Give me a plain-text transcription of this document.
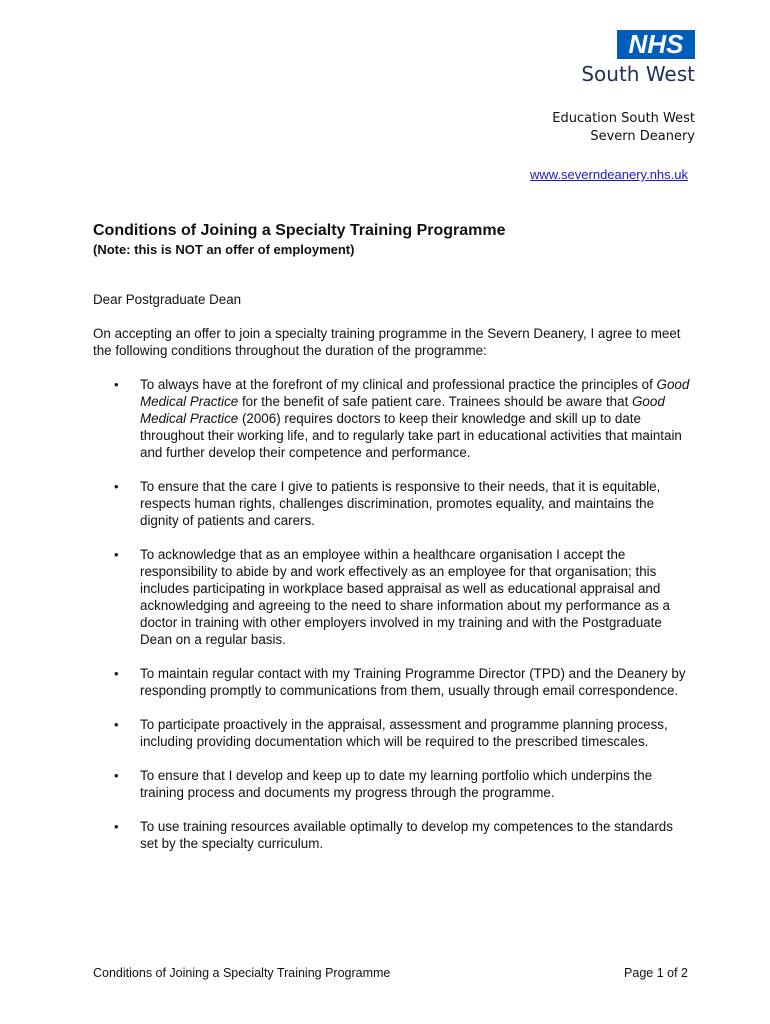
NHS
South West
Education South West
Severn Deanery
www.severndeanery.nhs.uk
Conditions of Joining a Specialty Training Programme
(Note: this is NOT an offer of employment)
Dear Postgraduate Dean
On accepting an offer to join a specialty training programme in the Severn Deanery, I agree to meet the following conditions throughout the duration of the programme:
• To always have at the forefront of my clinical and professional practice the principles of Good Medical Practice for the benefit of safe patient care. Trainees should be aware that Good Medical Practice (2006) requires doctors to keep their knowledge and skill up to date throughout their working life, and to regularly take part in educational activities that maintain and further develop their competence and performance.
• To ensure that the care I give to patients is responsive to their needs, that it is equitable, respects human rights, challenges discrimination, promotes equality, and maintains the dignity of patients and carers.
• To acknowledge that as an employee within a healthcare organisation I accept the responsibility to abide by and work effectively as an employee for that organisation; this includes participating in workplace based appraisal as well as educational appraisal and acknowledging and agreeing to the need to share information about my performance as a doctor in training with other employers involved in my training and with the Postgraduate Dean on a regular basis.
• To maintain regular contact with my Training Programme Director (TPD) and the Deanery by responding promptly to communications from them, usually through email correspondence.
• To participate proactively in the appraisal, assessment and programme planning process, including providing documentation which will be required to the prescribed timescales.
• To ensure that I develop and keep up to date my learning portfolio which underpins the training process and documents my progress through the programme.
• To use training resources available optimally to develop my competences to the standards set by the specialty curriculum.
Conditions of Joining a Specialty Training Programme	Page 1 of 2
